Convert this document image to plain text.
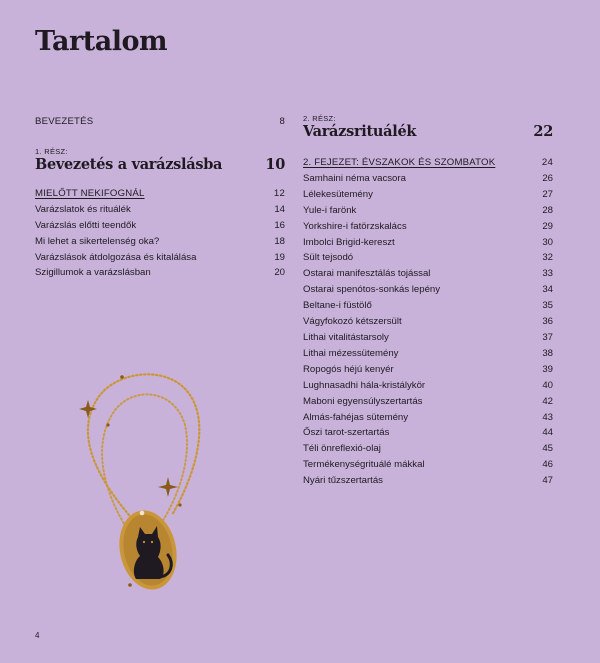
Tartalom
BEVEZETÉS	8
1. RÉSZ:
Bevezetés a varázslásba	10
MIELŐTT NEKIFOGNÁL	12
Varázslatok és rituálék	14
Varázslás előtti teendők	16
Mi lehet a sikertelenség oka?	18
Varázslások átdolgozása és kitalálása	19
Szigillumok a varázslásban	20
2. RÉSZ:
Varázsrituálék	22
2. FEJEZET: ÉVSZAKOK ÉS SZOMBATOK	24
Samhaini néma vacsora	26
Lélekesütemény	27
Yule-i farönk	28
Yorkshire-i fatörzskalács	29
Imbolci Brigid-kereszt	30
Sült tejsodó	32
Ostarai manifesztálás tojással	33
Ostarai spenótos-sonkás lepény	34
Beltane-i füstölő	35
Vágyfokozó kétszersült	36
Lithai vitalitástarsoly	37
Lithai mézessütemény	38
Ropogós héjú kenyér	39
Lughnasadhi hála-kristálykör	40
Maboni egyensúlyszertartás	42
Almás-fahéjas sütemény	43
Őszi tarot-szertartás	44
Téli önreflexió-olaj	45
Termékenységrituálé mákkal	46
Nyári tűzszertartás	47
4
